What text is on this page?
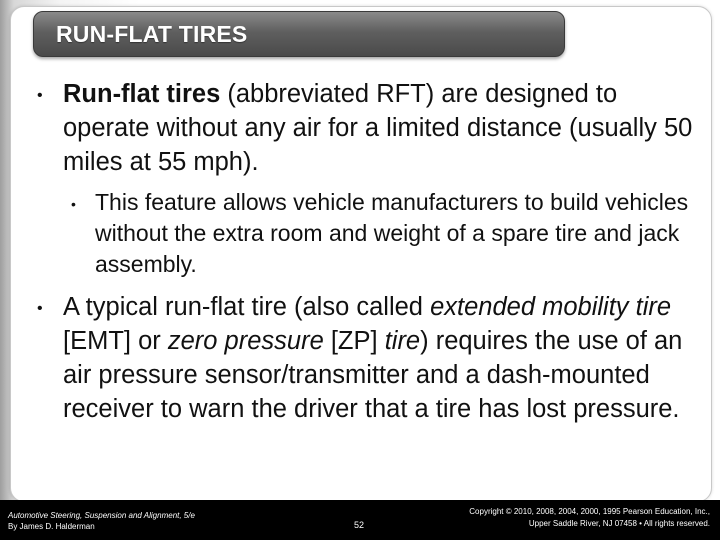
RUN-FLAT TIRES
• Run-flat tires (abbreviated RFT) are designed to operate without any air for a limited distance (usually 50 miles at 55 mph).
• This feature allows vehicle manufacturers to build vehicles without the extra room and weight of a spare tire and jack assembly.
• A typical run-flat tire (also called extended mobility tire [EMT] or zero pressure [ZP] tire) requires the use of an air pressure sensor/transmitter and a dash-mounted receiver to warn the driver that a tire has lost pressure.
Automotive Steering, Suspension and Alignment, 5/e
By James D. Halderman	52
Copyright © 2010, 2008, 2004, 2000, 1995 Pearson Education, Inc.,
Upper Saddle River, NJ 07458 • All rights reserved.
